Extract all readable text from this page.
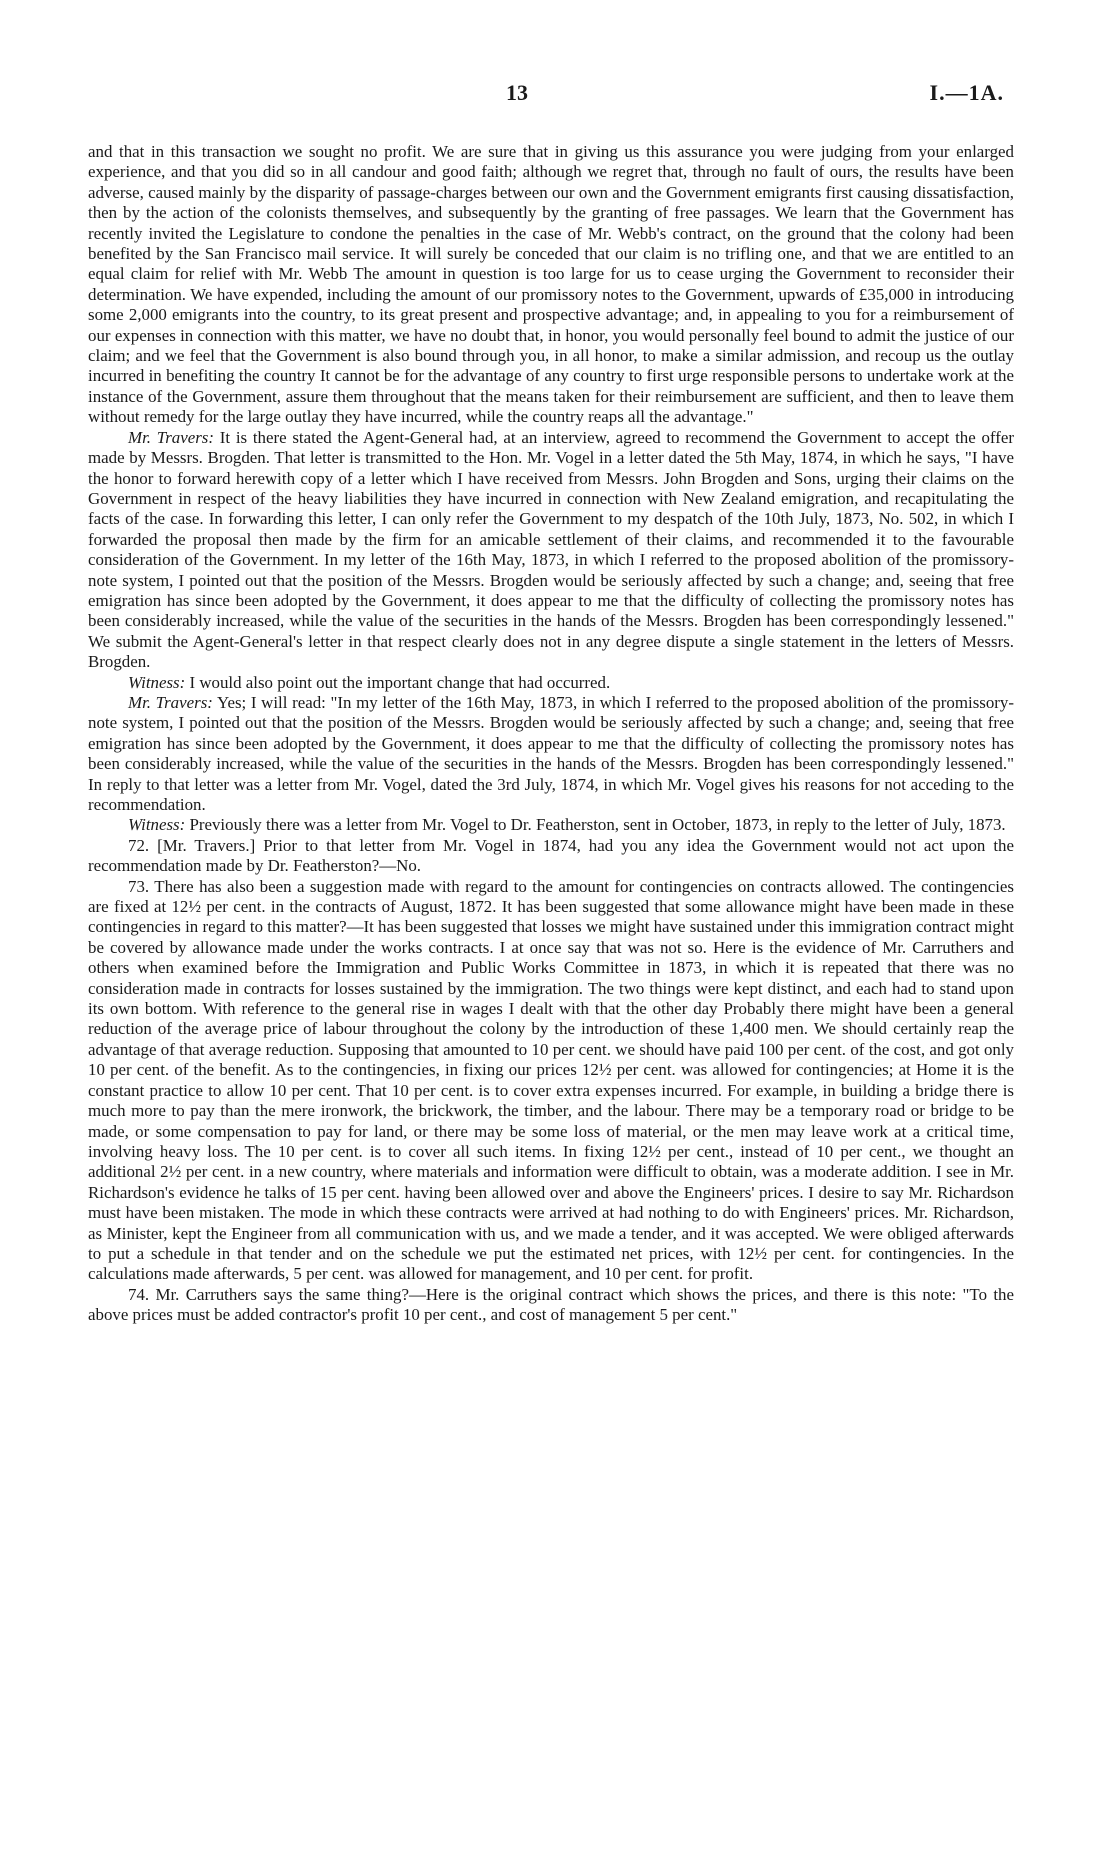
13	I.—1A.

and that in this transaction we sought no profit. We are sure that in giving us this assurance you were judging from your enlarged experience, and that you did so in all candour and good faith; although we regret that, through no fault of ours, the results have been adverse, caused mainly by the disparity of passage-charges between our own and the Government emigrants first causing dissatisfaction, then by the action of the colonists themselves, and subsequently by the granting of free passages. We learn that the Government has recently invited the Legislature to condone the penalties in the case of Mr. Webb's contract, on the ground that the colony had been benefited by the San Francisco mail service. It will surely be conceded that our claim is no trifling one, and that we are entitled to an equal claim for relief with Mr. Webb The amount in question is too large for us to cease urging the Government to reconsider their determination. We have expended, including the amount of our promissory notes to the Government, upwards of £35,000 in introducing some 2,000 emigrants into the country, to its great present and prospective advantage; and, in appealing to you for a reimbursement of our expenses in connection with this matter, we have no doubt that, in honor, you would personally feel bound to admit the justice of our claim; and we feel that the Government is also bound through you, in all honor, to make a similar admission, and recoup us the outlay incurred in benefiting the country It cannot be for the advantage of any country to first urge responsible persons to undertake work at the instance of the Government, assure them throughout that the means taken for their reimbursement are sufficient, and then to leave them without remedy for the large outlay they have incurred, while the country reaps all the advantage."

Mr. Travers: It is there stated the Agent-General had, at an interview, agreed to recommend the Government to accept the offer made by Messrs. Brogden. That letter is transmitted to the Hon. Mr. Vogel in a letter dated the 5th May, 1874, in which he says, "I have the honor to forward herewith copy of a letter which I have received from Messrs. John Brogden and Sons, urging their claims on the Government in respect of the heavy liabilities they have incurred in connection with New Zealand emigration, and recapitulating the facts of the case. In forwarding this letter, I can only refer the Government to my despatch of the 10th July, 1873, No. 502, in which I forwarded the proposal then made by the firm for an amicable settlement of their claims, and recommended it to the favourable consideration of the Government. In my letter of the 16th May, 1873, in which I referred to the proposed abolition of the promissory-note system, I pointed out that the position of the Messrs. Brogden would be seriously affected by such a change; and, seeing that free emigration has since been adopted by the Government, it does appear to me that the difficulty of collecting the promissory notes has been considerably increased, while the value of the securities in the hands of the Messrs. Brogden has been correspondingly lessened." We submit the Agent-General's letter in that respect clearly does not in any degree dispute a single statement in the letters of Messrs. Brogden.

Witness: I would also point out the important change that had occurred.

Mr. Travers: Yes; I will read: "In my letter of the 16th May, 1873, in which I referred to the proposed abolition of the promissory-note system, I pointed out that the position of the Messrs. Brogden would be seriously affected by such a change; and, seeing that free emigration has since been adopted by the Government, it does appear to me that the difficulty of collecting the promissory notes has been considerably increased, while the value of the securities in the hands of the Messrs. Brogden has been correspondingly lessened." In reply to that letter was a letter from Mr. Vogel, dated the 3rd July, 1874, in which Mr. Vogel gives his reasons for not acceding to the recommendation.

Witness: Previously there was a letter from Mr. Vogel to Dr. Featherston, sent in October, 1873, in reply to the letter of July, 1873.

72. [Mr. Travers.] Prior to that letter from Mr. Vogel in 1874, had you any idea the Government would not act upon the recommendation made by Dr. Featherston?—No.

73. There has also been a suggestion made with regard to the amount for contingencies on contracts allowed. The contingencies are fixed at 12½ per cent. in the contracts of August, 1872. It has been suggested that some allowance might have been made in these contingencies in regard to this matter?—It has been suggested that losses we might have sustained under this immigration contract might be covered by allowance made under the works contracts. I at once say that was not so. Here is the evidence of Mr. Carruthers and others when examined before the Immigration and Public Works Committee in 1873, in which it is repeated that there was no consideration made in contracts for losses sustained by the immigration. The two things were kept distinct, and each had to stand upon its own bottom. With reference to the general rise in wages I dealt with that the other day Probably there might have been a general reduction of the average price of labour throughout the colony by the introduction of these 1,400 men. We should certainly reap the advantage of that average reduction. Supposing that amounted to 10 per cent. we should have paid 100 per cent. of the cost, and got only 10 per cent. of the benefit. As to the contingencies, in fixing our prices 12½ per cent. was allowed for contingencies; at Home it is the constant practice to allow 10 per cent. That 10 per cent. is to cover extra expenses incurred. For example, in building a bridge there is much more to pay than the mere ironwork, the brickwork, the timber, and the labour. There may be a temporary road or bridge to be made, or some compensation to pay for land, or there may be some loss of material, or the men may leave work at a critical time, involving heavy loss. The 10 per cent. is to cover all such items. In fixing 12½ per cent., instead of 10 per cent., we thought an additional 2½ per cent. in a new country, where materials and information were difficult to obtain, was a moderate addition. I see in Mr. Richardson's evidence he talks of 15 per cent. having been allowed over and above the Engineers' prices. I desire to say Mr. Richardson must have been mistaken. The mode in which these contracts were arrived at had nothing to do with Engineers' prices. Mr. Richardson, as Minister, kept the Engineer from all communication with us, and we made a tender, and it was accepted. We were obliged afterwards to put a schedule in that tender and on the schedule we put the estimated net prices, with 12½ per cent. for contingencies. In the calculations made afterwards, 5 per cent. was allowed for management, and 10 per cent. for profit.

74. Mr. Carruthers says the same thing?—Here is the original contract which shows the prices, and there is this note: "To the above prices must be added contractor's profit 10 per cent., and cost of management 5 per cent."
